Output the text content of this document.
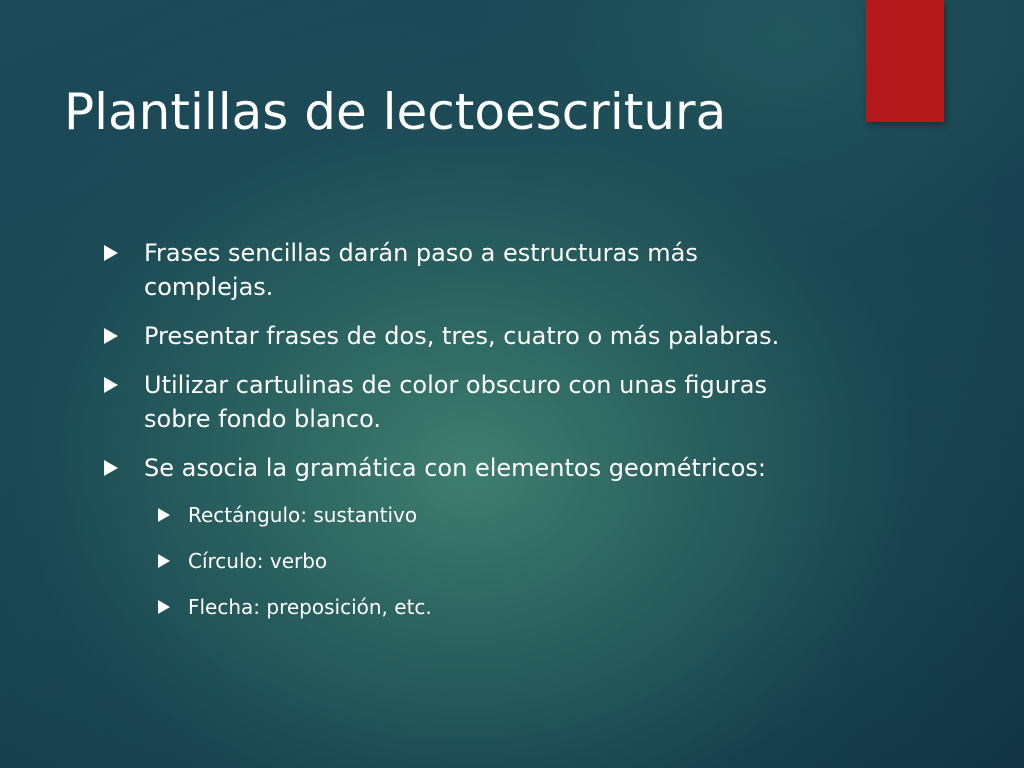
Plantillas de lectoescritura
Frases sencillas darán paso a estructuras más complejas.
Presentar frases de dos, tres, cuatro o más palabras.
Utilizar cartulinas de color obscuro con unas figuras sobre fondo blanco.
Se asocia la gramática con elementos geométricos:
Rectángulo: sustantivo
Círculo: verbo
Flecha: preposición, etc.
